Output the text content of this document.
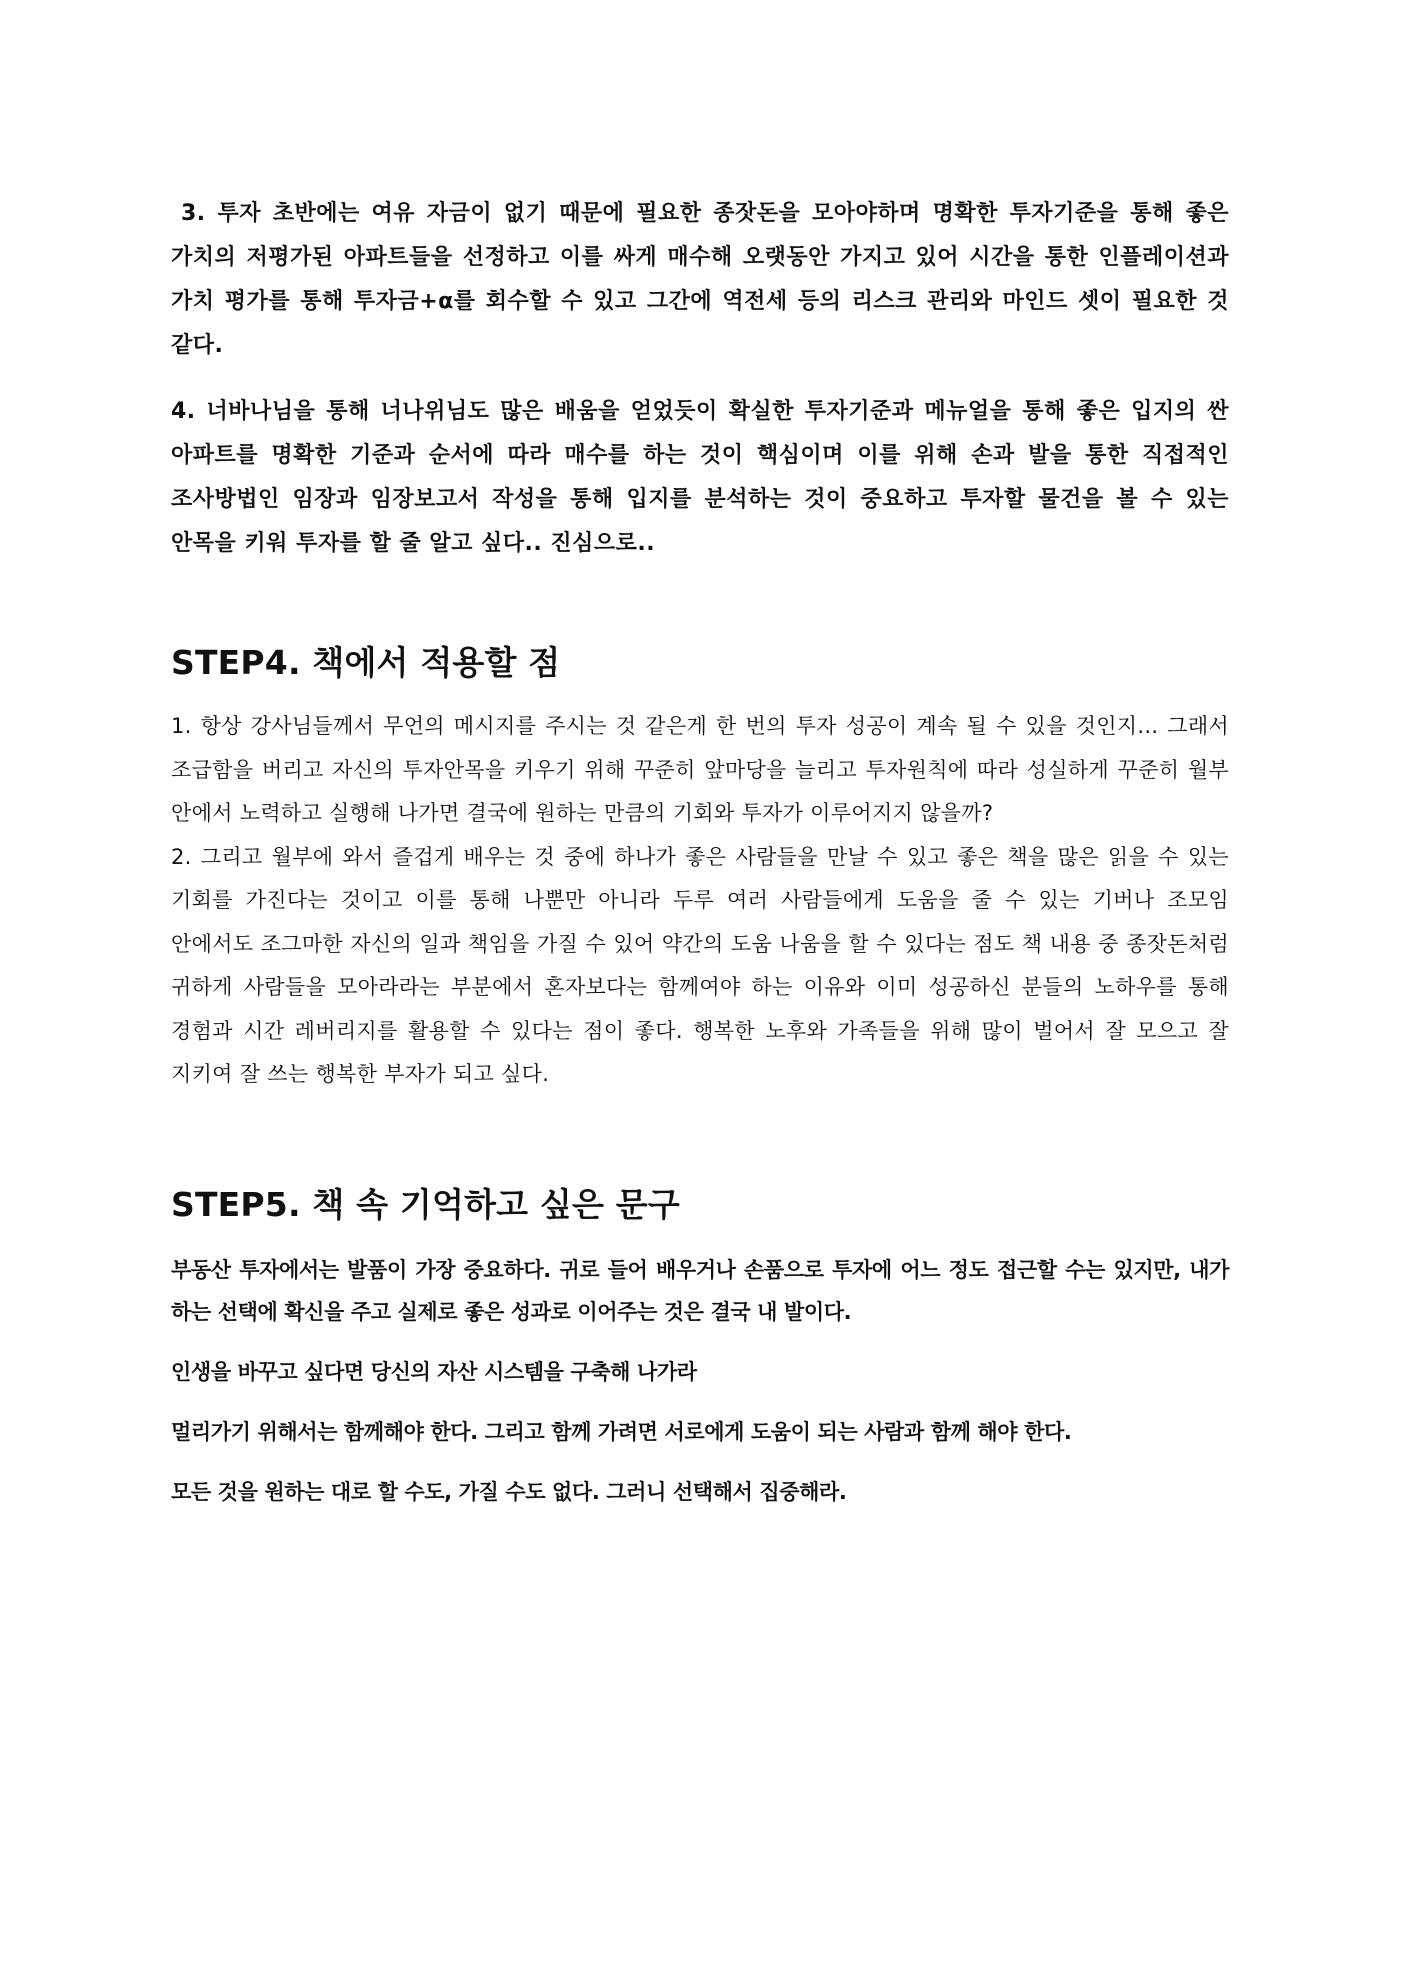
3. 투자 초반에는 여유 자금이 없기 때문에 필요한 종잣돈을 모아야하며 명확한 투자기준을 통해 좋은 가치의 저평가된 아파트들을 선정하고 이를 싸게 매수해 오랫동안 가지고 있어 시간을 통한 인플레이션과 가치 평가를 통해 투자금+α를 회수할 수 있고 그간에 역전세 등의 리스크 관리와 마인드 셋이 필요한 것 같다.

4. 너바나님을 통해 너나위님도 많은 배움을 얻었듯이 확실한 투자기준과 메뉴얼을 통해 좋은 입지의 싼 아파트를 명확한 기준과 순서에 따라 매수를 하는 것이 핵심이며 이를 위해 손과 발을 통한 직접적인 조사방법인 임장과 임장보고서 작성을 통해 입지를 분석하는 것이 중요하고 투자할 물건을 볼 수 있는 안목을 키워 투자를 할 줄 알고 싶다.. 진심으로..

STEP4. 책에서 적용할 점

1. 항상 강사님들께서 무언의 메시지를 주시는 것 같은게 한 번의 투자 성공이 계속 될 수 있을 것인지... 그래서 조급함을 버리고 자신의 투자안목을 키우기 위해 꾸준히 앞마당을 늘리고 투자원칙에 따라 성실하게 꾸준히 월부 안에서 노력하고 실행해 나가면 결국에 원하는 만큼의 기회와 투자가 이루어지지 않을까?

2. 그리고 월부에 와서 즐겁게 배우는 것 중에 하나가 좋은 사람들을 만날 수 있고 좋은 책을 많은 읽을 수 있는 기회를 가진다는 것이고 이를 통해 나뿐만 아니라 두루 여러 사람들에게 도움을 줄 수 있는 기버나 조모임 안에서도 조그마한 자신의 일과 책임을 가질 수 있어 약간의 도움 나움을 할 수 있다는 점도 책 내용 중 종잣돈처럼 귀하게 사람들을 모아라라는 부분에서 혼자보다는 함께여야 하는 이유와 이미 성공하신 분들의 노하우를 통해 경험과 시간 레버리지를 활용할 수 있다는 점이 좋다. 행복한 노후와 가족들을 위해 많이 벌어서 잘 모으고 잘 지키여 잘 쓰는 행복한 부자가 되고 싶다.

STEP5. 책 속 기억하고 싶은 문구

부동산 투자에서는 발품이 가장 중요하다. 귀로 들어 배우거나 손품으로 투자에 어느 정도 접근할 수는 있지만, 내가 하는 선택에 확신을 주고 실제로 좋은 성과로 이어주는 것은 결국 내 발이다.

인생을 바꾸고 싶다면 당신의 자산 시스템을 구축해 나가라

멀리가기 위해서는 함께해야 한다. 그리고 함께 가려면 서로에게 도움이 되는 사람과 함께 해야 한다.

모든 것을 원하는 대로 할 수도, 가질 수도 없다. 그러니 선택해서 집중해라.
